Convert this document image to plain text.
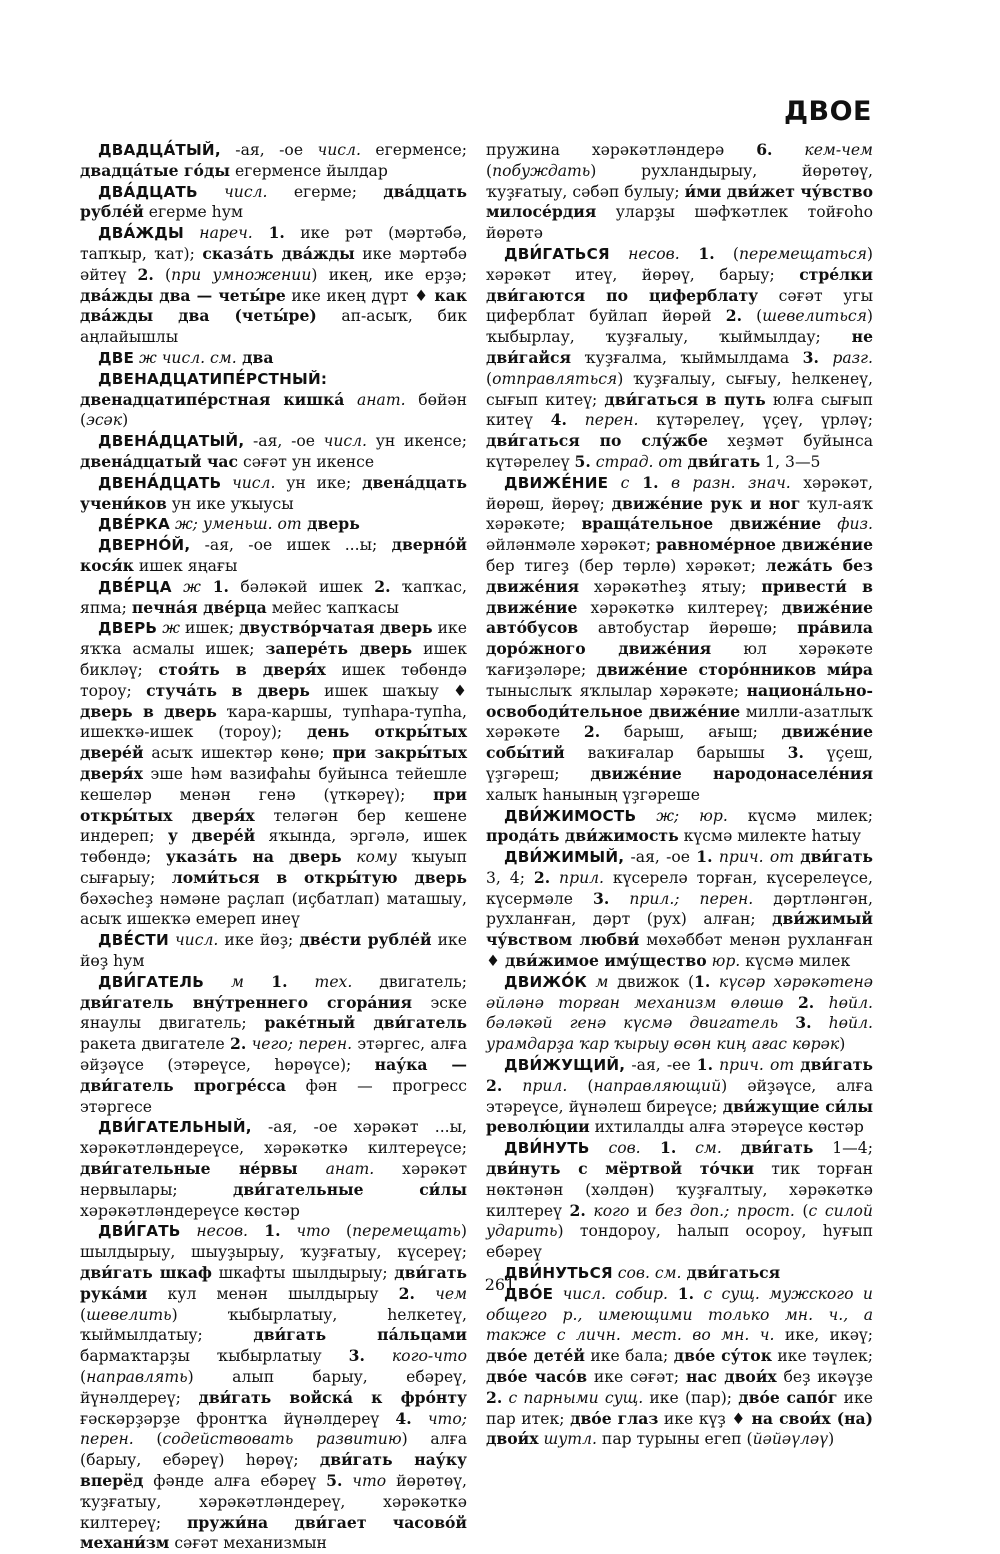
ДВОЕ
ДВАДЦА́ТЫЙ, -ая, -ое числ. егерменсе; двадца́тые го́ды егерменсе йылдар
ДВА́ДЦАТЬ числ. егерме; два́дцать рубле́й егерме һум
ДВА́ЖДЫ нареч. 1. ике рәт (мәртәбә, тапҡыр, ҡат); сказа́ть два́жды ике мәртәбә әйтеү 2. (при умножении) икең, ике ерҙә; два́жды два — четы́ре ике икең дүрт ♦ как два́жды два (четы́ре) ап-асыҡ, бик аңлайышлы
ДВЕ ж числ. см. два
ДВЕНАДЦАТИПЕ́РСТНЫЙ: двенадцатипе́рстная кишка́ анат. бөйән (эсәк)
ДВЕНА́ДЦАТЫЙ, -ая, -ое числ. ун икенсе; двена́дцатый час сәғәт ун икенсе
ДВЕНА́ДЦАТЬ числ. ун ике; двена́дцать учени́ков ун ике уҡыусы
ДВЕ́РКА ж; уменьш. от дверь
ДВЕРНО́Й, -ая, -ое ишек ...ы; дверно́й кося́к ишек яңағы
ДВЕ́РЦА ж 1. бәләкәй ишек 2. ҡапҡас, япма; печна́я две́рца мейес ҡапҡасы
ДВЕРЬ ж ишек; двуство́рчатая дверь ике яҡҡа асмалы ишек; запере́ть дверь ишек бикләү; стоя́ть в дверя́х ишек төбөндә тороу; стуча́ть в дверь ишек шаҡыу ♦ дверь в дверь ҡара-каршы, тупһара-тупһа, ишекҡә-ишек (тороу); день откры́тых двере́й асыҡ ишектәр көнө; при закры́тых дверя́х эше һәм вазифаһы буйынса тейешле кешеләр менән генә (үткәреү); при откры́тых дверя́х теләгән бер кешене индереп; у двере́й яҡында, эргәлә, ишек төбөндә; указа́ть на дверь кому ҡыуып сығарыу; ломи́ться в откры́тую дверь бәхәсһеҙ нәмәне раҫлап (иҫбатлап) маташыу, асыҡ ишекҡә емереп инеү
ДВЕ́СТИ числ. ике йөҙ; две́сти рубле́й ике йөҙ һум
ДВИ́ГАТЕЛЬ м 1. тех. двигатель; дви́гатель вну́треннего сгора́ния эске янаулы двигатель; раке́тный дви́гатель ракета двигателе 2. чего; перен. этәргес, алға әйҙәүсе (этәреүсе, һөрөүсе); нау́ка — дви́гатель прогре́сса фән — прогресс этәргесе
ДВИ́ГАТЕЛЬНЫЙ, -ая, -ое хәрәкәт ...ы, хәрәкәтләндереүсе, хәрәкәткә килтереүсе; дви́гательные не́рвы анат. хәрәкәт нервылары; дви́гательные си́лы хәрәкәтләндереүсе көстәр
ДВИ́ГАТЬ несов. 1. что (перемещать) шылдырыу, шыуҙырыу, ҡуҙғатыу, күсереү; дви́гать шкаф шкафты шылдырыу; дви́гать рука́ми кул менән шылдырыу 2. чем (шевелить) ҡыбырлатыу, һелкетеү, ҡыймылдатыу; дви́гать па́льцами бармаҡтарҙы ҡыбырлатыу 3. кого-что (направлять) алып барыу, ебәреү, йүнәлдереү; дви́гать войска́ к фро́нту ғәскәрҙәрҙе фронтҡа йүнәлдереү 4. что; перен. (содействовать развитию) алға (барыу, ебәреү) һөрөү; дви́гать нау́ку вперёд фәнде алға ебәреү 5. что йөрөтөү, ҡуҙғатыу, хәрәкәтләндереү, хәрәкәткә килтереү; пружи́на дви́гает часово́й механи́зм сәғәт механизмын
пружина хәрәкәтләндерә 6. кем-чем (побуждать) рухландырыу, йөрөтөү, ҡуҙғатыу, сәбәп булыу; и́ми дви́жет чу́вство милосе́рдия уларҙы шәфҡәтлек тойғоһо йөрөтә
ДВИ́ГАТЬСЯ несов. 1. (перемещаться) хәрәкәт итеү, йөрөү, барыу; стре́лки дви́гаются по циферблату сәғәт угы циферблат буйлап йөрөй 2. (шевелиться) ҡыбырлау, ҡуҙғалыу, ҡыймылдау; не дви́гайся ҡуҙғалма, ҡыймылдама 3. разг. (отправляться) ҡуҙғалыу, сығыу, һелкенеү, сығып китеү; дви́гаться в путь юлға сығып китеү 4. перен. күтәрелеү, үҫеү, үрләү; дви́гаться по слу́жбе хеҙмәт буйынса күтәрелеү 5. страд. от дви́гать 1, 3—5
ДВИЖЕ́НИЕ с 1. в разн. знач. хәрәкәт, йөрөш, йөрөү; движе́ние рук и ног ҡул-аяҡ хәрәкәте; враща́тельное движе́ние физ. әйләнмәле хәрәкәт; равноме́рное движе́ние бер тигеҙ (бер төрлө) хәрәкәт; лежа́ть без движе́ния хәрәкәтһеҙ ятыу; привести́ в движе́ние хәрәкәткә килтереү; движе́ние авто́бусов автобустар йөрөшө; пра́вила доро́жного движе́ния юл хәрәкәте ҡағиҙәләре; движе́ние сторо́нников ми́ра тыныслыҡ яҡлылар хәрәкәте; национа́льно-освободи́тельное движе́ние милли-азатлыҡ хәрәкәте 2. барыш, ағыш; движе́ние собы́тий ваҡиғалар барышы 3. үҫеш, үҙгәреш; движе́ние народонаселе́ния халыҡ һанының үҙгәреше
ДВИ́ЖИМОСТЬ ж; юр. күсмә милек; прода́ть дви́жимость күсмә милекте һатыу
ДВИ́ЖИМЫЙ, -ая, -ое 1. прич. от дви́гать 3, 4; 2. прил. күсерелә торған, күсерелеүсе, күсермәле 3. прил.; перен. дәртләнгән, рухланған, дәрт (рух) алған; дви́жимый чу́вством любви́ мөхәббәт менән рухланған ♦ дви́жимое иму́щество юр. күсмә милек
ДВИЖО́К м движок (1. күсәр хәрәкәтенә әйләнә торған механизм өлөшө 2. һөйл. бәләкәй генә күсмә двигатель 3. һөйл. урамдарҙа ҡар ҡырыу өсөн киң ағас көрәк)
ДВИ́ЖУЩИЙ, -ая, -ее 1. прич. от дви́гать 2. прил. (направляющий) әйҙәүсе, алға этәреүсе, йүнәлеш биреүсе; дви́жущие си́лы револю́ции ихтилалды алға этәреүсе көстәр
ДВИ́НУТЬ сов. 1. см. дви́гать 1—4; дви́нуть с мёртвой то́чки тик торған нөктәнән (хәлдән) ҡуҙғалтыу, хәрәкәткә килтереү 2. кого и без доп.; прост. (с силой ударить) тондороу, һалып осороу, һуғып ебәреү
ДВИ́НУТЬСЯ сов. см. дви́гаться
ДВО́Е числ. собир. 1. с сущ. мужского и общего р., имеющими только мн. ч., а также с личн. мест. во мн. ч. ике, икәү; дво́е дете́й ике бала; дво́е су́ток ике тәүлек; дво́е часо́в ике сәғәт; нас двои́х беҙ икәүҙе 2. с парными сущ. ике (пар); дво́е сапо́г ике пар итек; дво́е глаз ике күҙ ♦ на свои́х (на) двои́х шутл. пар турыны егеп (йәйәүләү)
261
